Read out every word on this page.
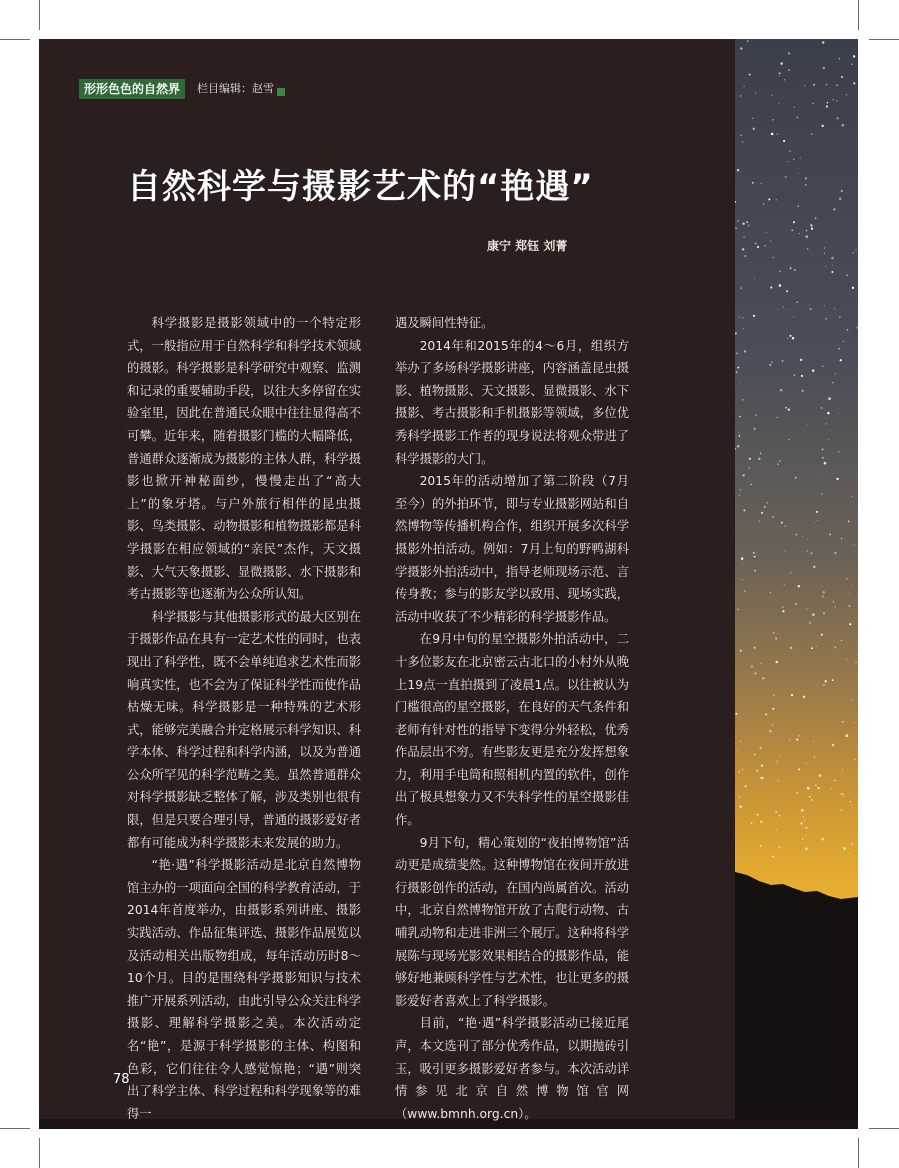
形形色色的自然界	栏目编辑：赵雪
自然科学与摄影艺术的“艳遇”
康宁 郑钰 刘菁

科学摄影是摄影领域中的一个特定形式，一般指应用于自然科学和科学技术领域的摄影。科学摄影是科学研究中观察、监测和记录的重要辅助手段，以往大多停留在实验室里，因此在普通民众眼中往往显得高不可攀。近年来，随着摄影门槛的大幅降低，普通群众逐渐成为摄影的主体人群，科学摄影也掀开神秘面纱，慢慢走出了“高大上”的象牙塔。与户外旅行相伴的昆虫摄影、鸟类摄影、动物摄影和植物摄影都是科学摄影在相应领域的“亲民”杰作，天文摄影、大气天象摄影、显微摄影、水下摄影和考古摄影等也逐渐为公众所认知。

科学摄影与其他摄影形式的最大区别在于摄影作品在具有一定艺术性的同时，也表现出了科学性，既不会单纯追求艺术性而影响真实性，也不会为了保证科学性而使作品枯燥无味。科学摄影是一种特殊的艺术形式，能够完美融合并定格展示科学知识、科学本体、科学过程和科学内涵，以及为普通公众所罕见的科学范畴之美。虽然普通群众对科学摄影缺乏整体了解，涉及类别也很有限，但是只要合理引导，普通的摄影爱好者都有可能成为科学摄影未来发展的助力。

“艳·遇”科学摄影活动是北京自然博物馆主办的一项面向全国的科学教育活动，于2014年首度举办，由摄影系列讲座、摄影实践活动、作品征集评选、摄影作品展览以及活动相关出版物组成，每年活动历时8～10个月。目的是围绕科学摄影知识与技术推广开展系列活动，由此引导公众关注科学摄影、理解科学摄影之美。本次活动定名“艳”，是源于科学摄影的主体、构图和色彩，它们往往令人感觉惊艳；“遇”则突出了科学主体、科学过程和科学现象等的难得一

遇及瞬间性特征。

2014年和2015年的4～6月，组织方举办了多场科学摄影讲座，内容涵盖昆虫摄影、植物摄影、天文摄影、显微摄影、水下摄影、考古摄影和手机摄影等领域，多位优秀科学摄影工作者的现身说法将观众带进了科学摄影的大门。

2015年的活动增加了第二阶段（7月至今）的外拍环节，即与专业摄影网站和自然博物等传播机构合作，组织开展多次科学摄影外拍活动。例如：7月上旬的野鸭湖科学摄影外拍活动中，指导老师现场示范、言传身教；参与的影友学以致用、现场实践，活动中收获了不少精彩的科学摄影作品。

在9月中旬的星空摄影外拍活动中，二十多位影友在北京密云古北口的小村外从晚上19点一直拍摄到了凌晨1点。以往被认为门槛很高的星空摄影，在良好的天气条件和老师有针对性的指导下变得分外轻松，优秀作品层出不穷。有些影友更是充分发挥想象力，利用手电筒和照相机内置的软件，创作出了极具想象力又不失科学性的星空摄影佳作。

9月下旬，精心策划的“夜拍博物馆”活动更是成绩斐然。这种博物馆在夜间开放进行摄影创作的活动，在国内尚属首次。活动中，北京自然博物馆开放了古爬行动物、古哺乳动物和走进非洲三个展厅。这种将科学展陈与现场光影效果相结合的摄影作品，能够好地兼顾科学性与艺术性，也让更多的摄影爱好者喜欢上了科学摄影。

目前，“艳·遇”科学摄影活动已接近尾声，本文选刊了部分优秀作品，以期抛砖引玉，吸引更多摄影爱好者参与。本次活动详情参见北京自然博物馆官网（www.bmnh.org.cn）。

78
